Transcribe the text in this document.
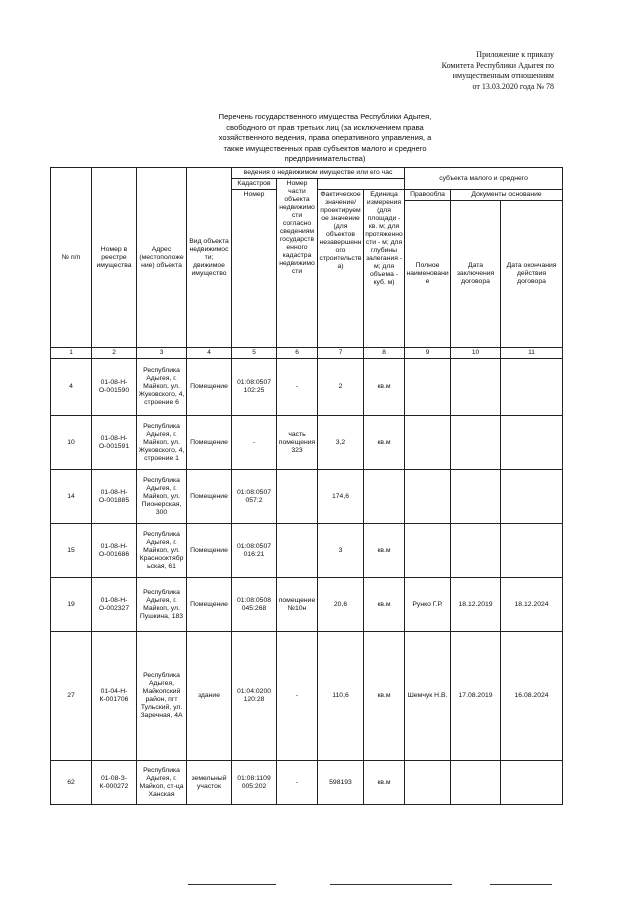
Приложение к приказу
Комитета Республики Адыгея по
имущественным отношениям
от 13.03.2020 года № 78
Перечень государственного имущества Республики Адыгея,
свободного от прав третьих лиц (за исключением права
хозяйственного ведения, права оперативного управления, а
также имущественных прав субъектов малого и среднего
предпринимательства)
№ п/п	Номер в реестре имущества	Адрес (местоположение) объекта	Вид объекта недвижимости; движимое имущество	ведения о недвижимом имуществе или его час				субъекта малого и среднего		
				Кадастров	Номер части объекта недвижимости согласно сведениям государственного кадастра недвижимости					
				Номер		Фактическое значение/ проектируемое значение (для объектов незавершенного строительства)	Единица измерения (для площади - кв. м; для протяженности - м; для глубины залегания - м; для объема - куб. м)	Правообла	Документы основание	
								Полное наименование	Дата заключения договора	Дата окончания действия договора
1	2	3	4	5	6	7	8	9	10	11
4	01-08-Н-О-001590	Республика Адыгея, г. Майкоп, ул. Жуковского, 4, строение 6	Помещение	01:08:0507 102:25	-	2	кв.м			
10	01-08-Н-О-001591	Республика Адыгея, г. Майкоп, ул. Жуковского, 4, строение 1	Помещение	-	часть помещения 323	3,2	кв.м			
14	01-08-Н-О-001885	Республика Адыгея, г. Майкоп, ул. Пионерская, 300	Помещение	01:08:0507 057:2		174,6				
15	01-08-Н-О-001686	Республика Адыгея, г. Майкоп, ул. Краснооктябрьская, 61	Помещение	01:08:0507 016:21		3	кв.м			
19	01-08-Н-О-002327	Республика Адыгея, г. Майкоп, ул. Пушкина, 183	Помещение	01:08:0508 045:268	помещение №10н	20,6	кв.м	Рунко Г.Р.	18.12.2019	18.12.2024
27	01-04-Н-К-001706	Республика Адыгея, Майкопский район, пгт Тульский, ул. Заречная, 4А	здание	01:04:0200 120:28	-	110,6	кв.м	Шемчук Н.В.	17.08.2019	16.08.2024
62	01-08-З-К-000272	Республика Адыгея, г. Майкоп, ст-ца Ханская	земельный участок	01:08:1109 005:202	-	598193	кв.м			
